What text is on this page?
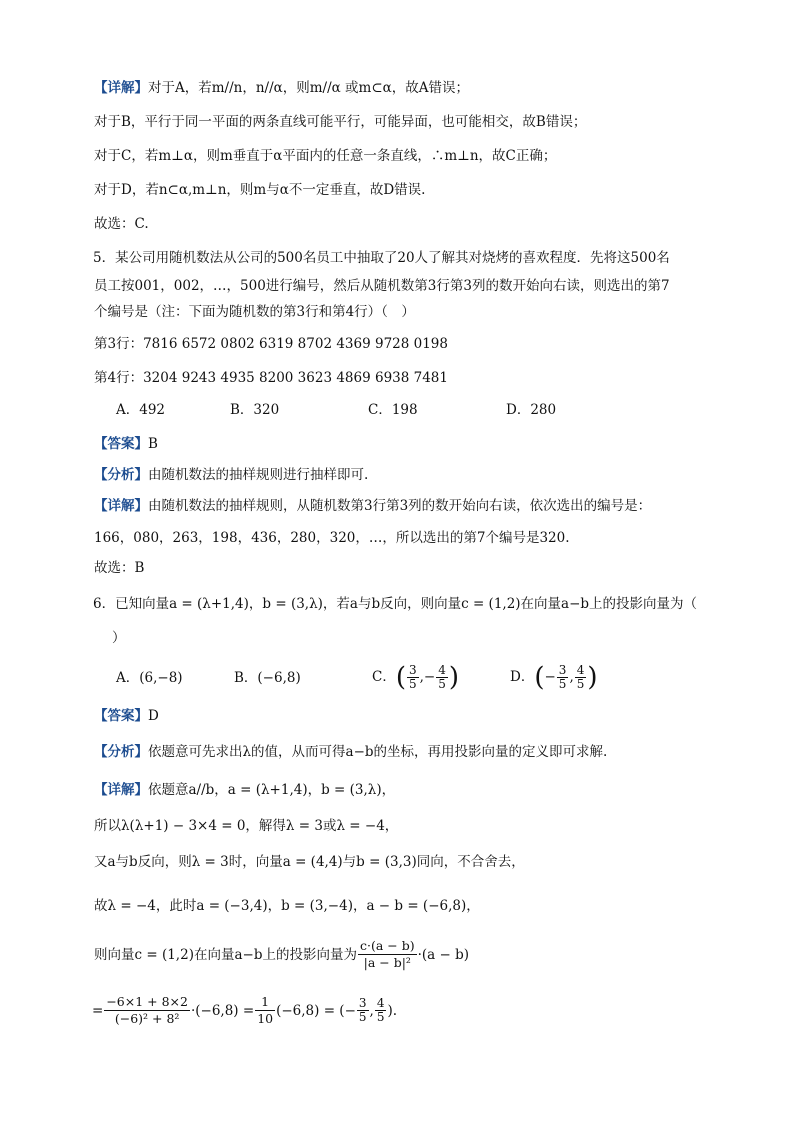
【详解】对于A，若m//n，n//α，则m//α 或m⊂α，故A错误；

对于B，平行于同一平面的两条直线可能平行，可能异面，也可能相交，故B错误；

对于C，若m⊥α，则m垂直于α平面内的任意一条直线，∴m⊥n，故C正确；

对于D，若n⊂α,m⊥n，则m与α不一定垂直，故D错误.

故选：C.

5．某公司用随机数法从公司的500名员工中抽取了20人了解其对烧烤的喜欢程度．先将这500名

员工按001，002，…，500进行编号，然后从随机数第3行第3列的数开始向右读，则选出的第7

个编号是（注：下面为随机数的第3行和第4行）（　）

第3行：7816 6572 0802 6319 8702 4369 9728 0198

第4行：3204 9243 4935 8200 3623 4869 6938 7481

A．492	B．320	C．198	D．280

【答案】B

【分析】由随机数法的抽样规则进行抽样即可.

【详解】由随机数法的抽样规则，从随机数第3行第3列的数开始向右读，依次选出的编号是：

166，080，263，198，436，280，320，…，所以选出的第7个编号是320.

故选：B

6．已知向量a = (λ+1,4)，b = (3,λ)，若a与b反向，则向量c = (1,2)在向量a−b上的投影向量为（

）

A．(6,−8)	B．(−6,8)	C．( $\frac{3}{5}$ ,− $\frac{4}{5}$ )	D．(− $\frac{3}{5}$ , $\frac{4}{5}$ )

【答案】D

【分析】依题意可先求出λ的值，从而可得a−b的坐标，再用投影向量的定义即可求解.

【详解】依题意a//b，a = (λ+1,4)，b = (3,λ)，

所以λ(λ+1) − 3×4 = 0，解得λ = 3或λ = −4，

又a与b反向，则λ = 3时，向量a = (4,4)与b = (3,3)同向，不合舍去，

故λ = −4，此时a = (−3,4)，b = (3,−4)，a − b = (−6,8)，

则向量c = (1,2)在向量a−b上的投影向量为 $\frac{c\cdot(a - b)}{\text{|a − b|²}} \cdot(a - b)$

= $\frac{-6\times 1 + 8\times 2}{\text{(−6)² + 8²}} \cdot(-6,8) = \frac{1}{10} (-6,8)$ = (− $\frac{3}{5}$ , $\frac{4}{5}$ ).
